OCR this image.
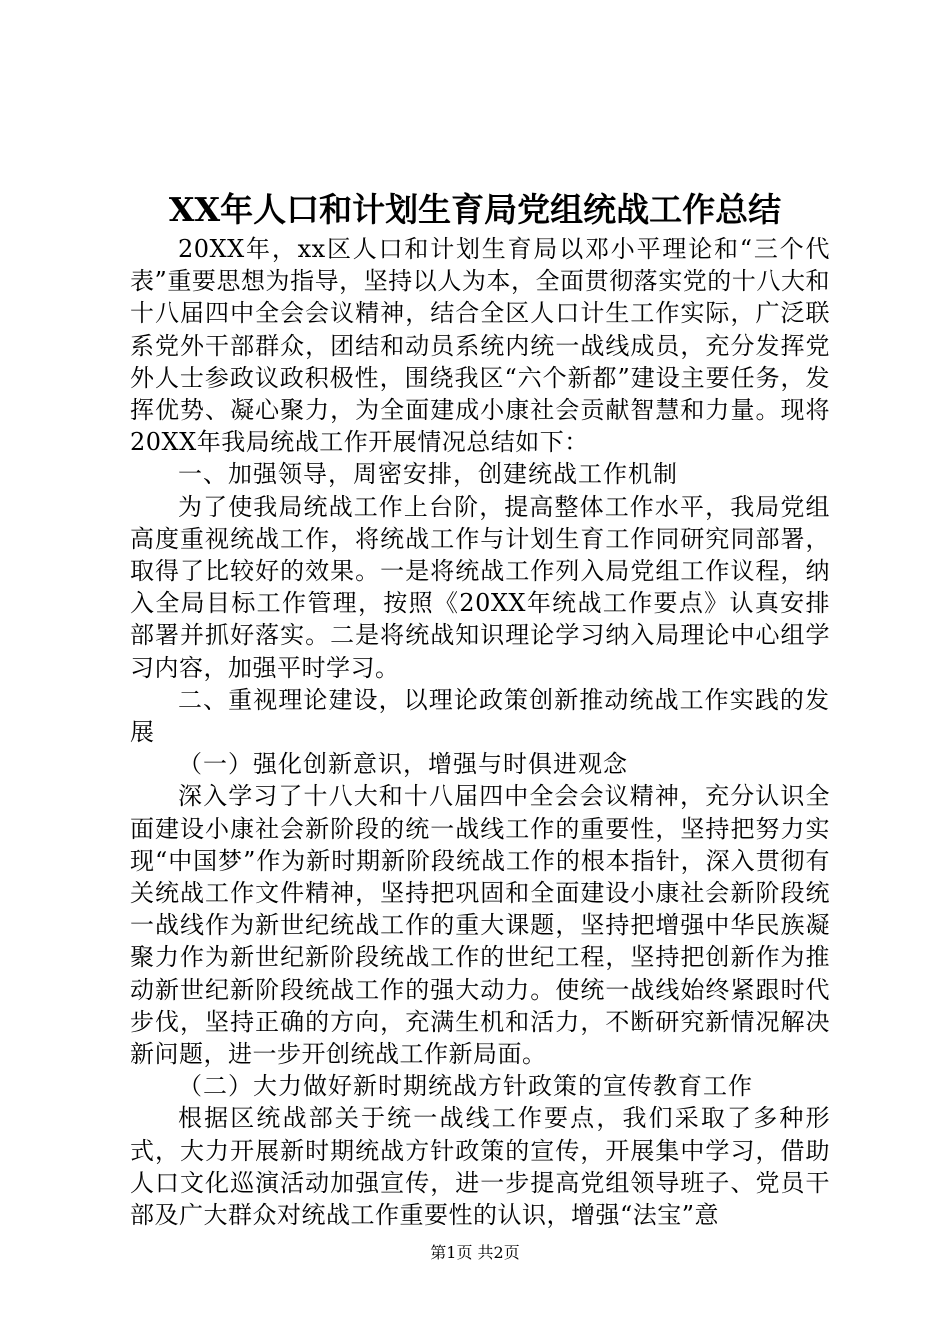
XX年人口和计划生育局党组统战工作总结

20XX年，xx区人口和计划生育局以邓小平理论和“三个代表”重要思想为指导，坚持以人为本，全面贯彻落实党的十八大和十八届四中全会会议精神，结合全区人口计生工作实际，广泛联系党外干部群众，团结和动员系统内统一战线成员，充分发挥党外人士参政议政积极性，围绕我区“六个新都”建设主要任务，发挥优势、凝心聚力，为全面建成小康社会贡献智慧和力量。现将20XX年我局统战工作开展情况总结如下：

一、加强领导，周密安排，创建统战工作机制

为了使我局统战工作上台阶，提高整体工作水平，我局党组高度重视统战工作，将统战工作与计划生育工作同研究同部署，取得了比较好的效果。一是将统战工作列入局党组工作议程，纳入全局目标工作管理，按照《20XX年统战工作要点》认真安排部署并抓好落实。二是将统战知识理论学习纳入局理论中心组学习内容，加强平时学习。

二、重视理论建设，以理论政策创新推动统战工作实践的发展

（一）强化创新意识，增强与时俱进观念

深入学习了十八大和十八届四中全会会议精神，充分认识全面建设小康社会新阶段的统一战线工作的重要性，坚持把努力实现“中国梦”作为新时期新阶段统战工作的根本指针，深入贯彻有关统战工作文件精神，坚持把巩固和全面建设小康社会新阶段统一战线作为新世纪统战工作的重大课题，坚持把增强中华民族凝聚力作为新世纪新阶段统战工作的世纪工程，坚持把创新作为推动新世纪新阶段统战工作的强大动力。使统一战线始终紧跟时代步伐，坚持正确的方向，充满生机和活力，不断研究新情况解决新问题，进一步开创统战工作新局面。

（二）大力做好新时期统战方针政策的宣传教育工作

根据区统战部关于统一战线工作要点，我们采取了多种形式，大力开展新时期统战方针政策的宣传，开展集中学习，借助人口文化巡演活动加强宣传，进一步提高党组领导班子、党员干部及广大群众对统战工作重要性的认识，增强“法宝”意

第1页 共2页
